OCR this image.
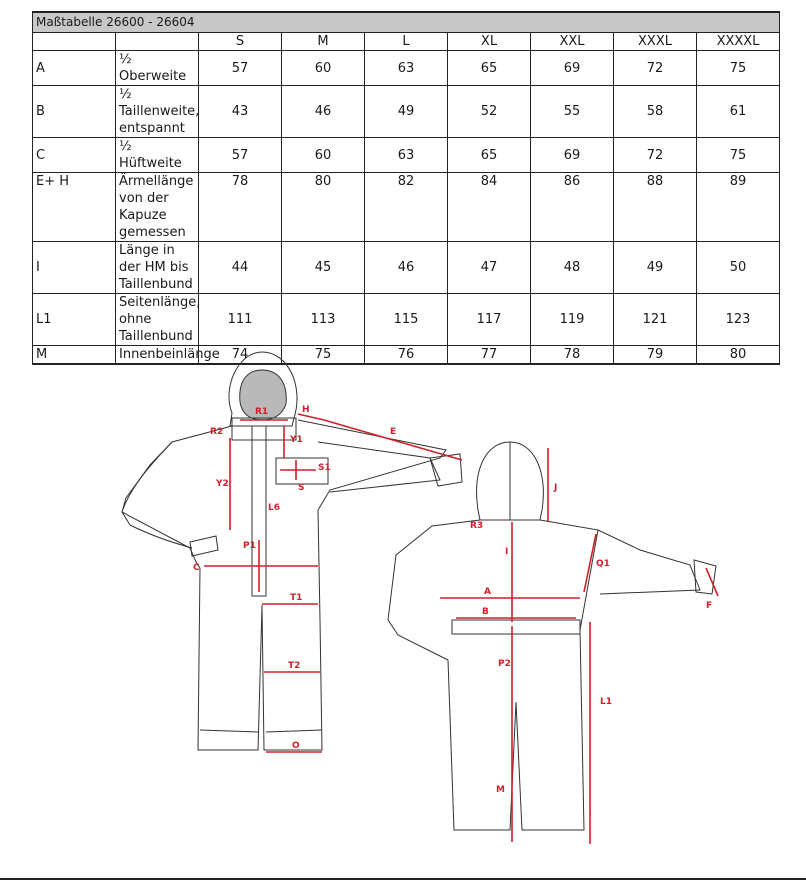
Maßtabelle 26600 - 26604								
		S	M	L	XL	XXL	XXXL	XXXXL
A	½ Oberweite	57	60	63	65	69	72	75
B	½ Taillenweite, entspannt	43	46	49	52	55	58	61
C	½ Hüftweite	57	60	63	65	69	72	75
E+ H	Ärmellänge von der Kapuze gemessen	78	80	82	84	86	88	89
I	Länge in der HM bis Taillenbund	44	45	46	47	48	49	50
L1	Seitenlänge, ohne Taillenbund	111	113	115	117	119	121	123
M	Innenbeinlänge	74	75	76	77	78	79	80
R1	H
R2
Y1
E
S1
S
Y2
L6
P1
C
T1
T2
O
J
R3
I
Q1
A
B
F
P2
L1
M
